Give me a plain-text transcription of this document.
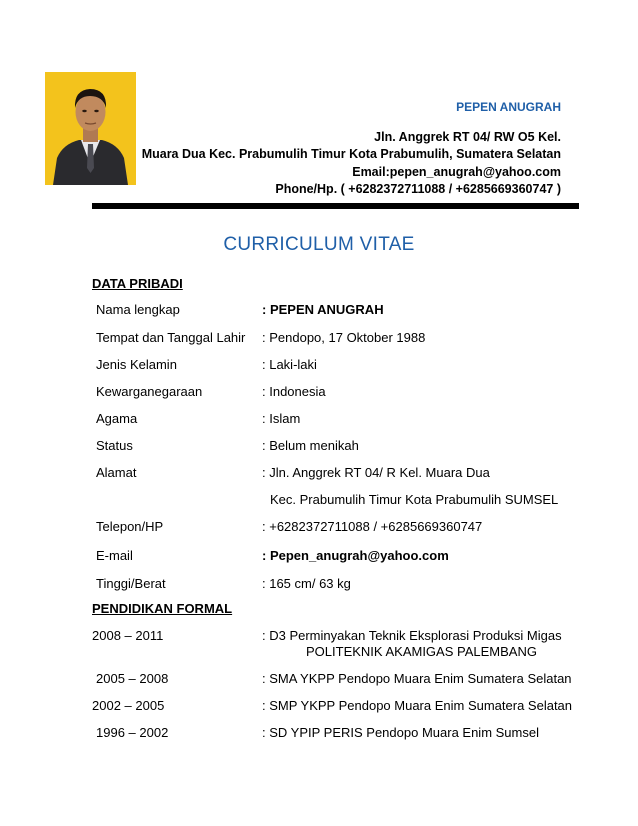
PEPEN ANUGRAH
Jln. Anggrek RT 04/ RW O5 Kel.
Muara Dua Kec. Prabumulih Timur Kota Prabumulih, Sumatera Selatan
Email:pepen_anugrah@yahoo.com
Phone/Hp. ( +6282372711088 / +6285669360747 )
CURRICULUM VITAE
DATA PRIBADI
Nama lengkap	: PEPEN ANUGRAH
Tempat dan Tanggal Lahir : Pendopo, 17 Oktober 1988
Jenis Kelamin	: Laki-laki
Kewarganegaraan	: Indonesia
Agama	: Islam
Status	: Belum menikah
Alamat	: Jln. Anggrek RT 04/ R Kel. Muara Dua
Kec. Prabumulih Timur Kota Prabumulih SUMSEL
Telepon/HP	: +6282372711088 / +6285669360747
E-mail	: Pepen_anugrah@yahoo.com
Tinggi/Berat	: 165 cm/ 63 kg
PENDIDIKAN FORMAL
2008 – 2011	: D3 Perminyakan Teknik Eksplorasi Produksi Migas
POLITEKNIK AKAMIGAS PALEMBANG
2005 – 2008	: SMA YKPP Pendopo Muara Enim Sumatera Selatan
2002 – 2005	: SMP YKPP Pendopo Muara Enim Sumatera Selatan
1996 – 2002	: SD YPIP PERIS Pendopo Muara Enim Sumsel
